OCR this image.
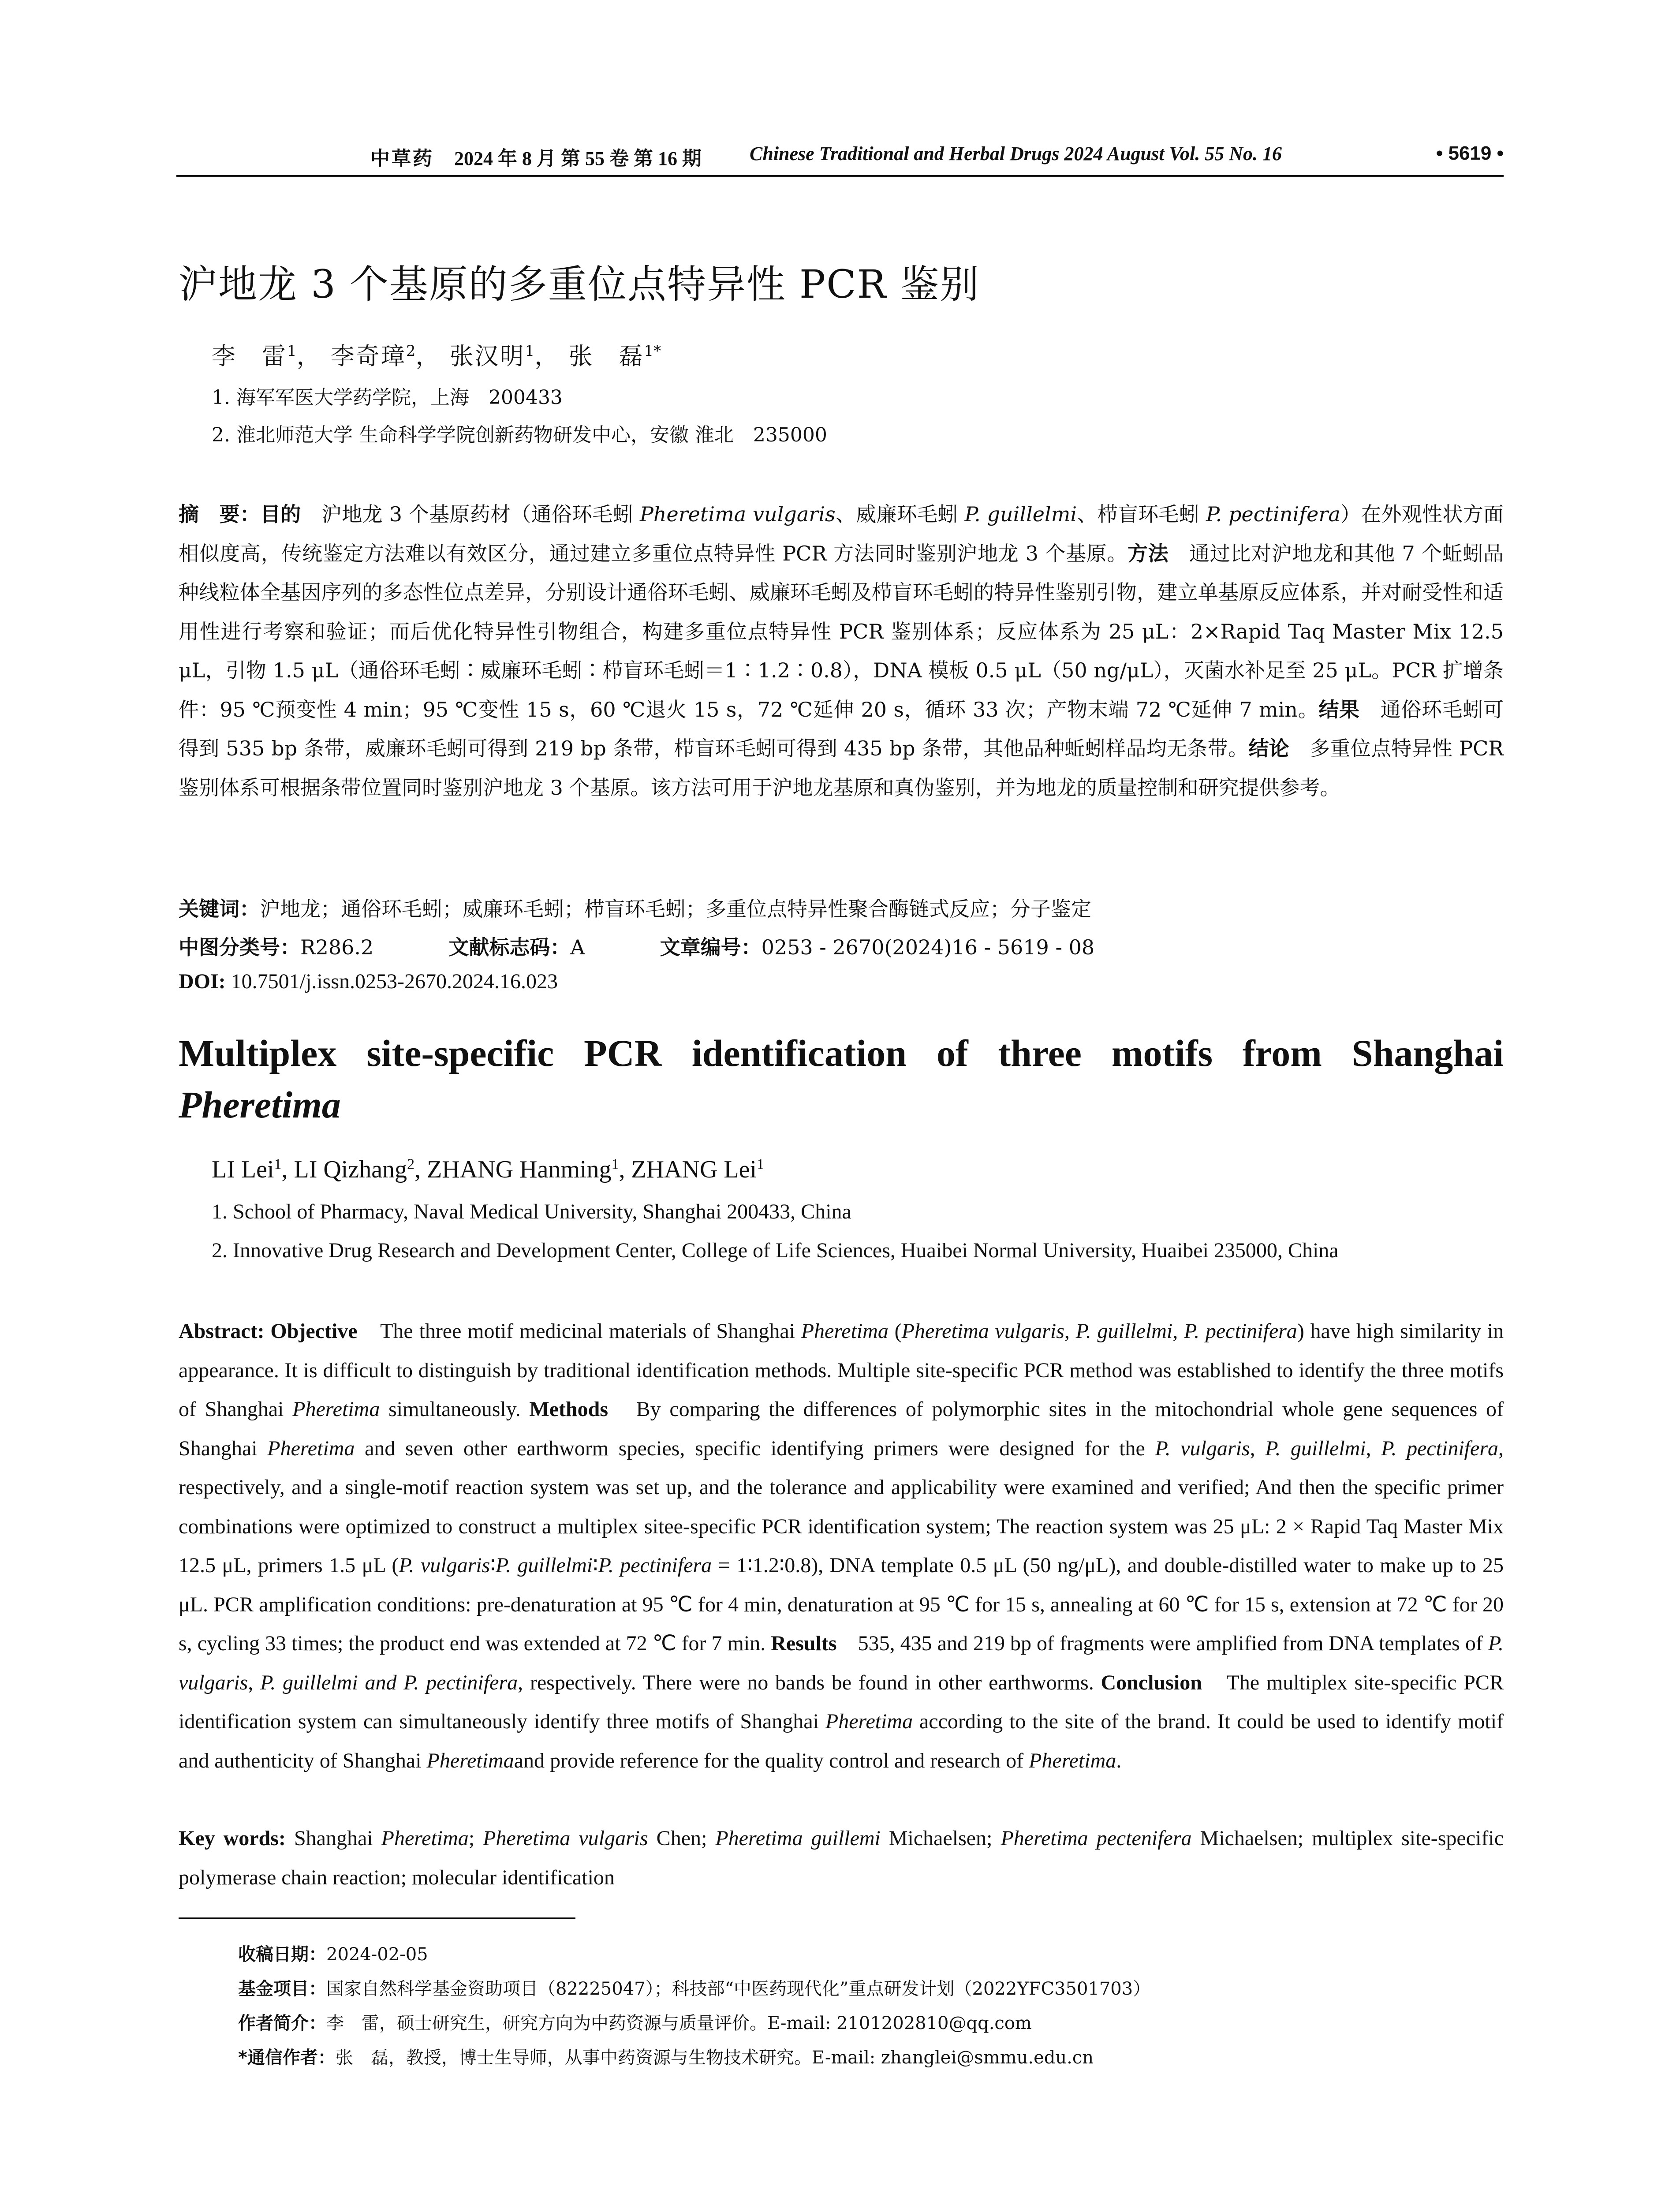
中草药 2024 年 8 月 第 55 卷 第 16 期 Chinese Traditional and Herbal Drugs 2024 August Vol. 55 No. 16	• 5619 •
沪地龙 3 个基原的多重位点特异性 PCR 鉴别
李　雷$^1$， 李奇璋$^2$， 张汉明$^1$， 张　磊$^{1*}$
1. 海军军医大学药学院，上海　200433
2. 淮北师范大学 生命科学学院创新药物研发中心，安徽 淮北　235000
摘　要：目的　沪地龙 3 个基原药材（通俗环毛蚓 Pheretima vulgaris、威廉环毛蚓 P. guillelmi、栉盲环毛蚓 P. pectinifera）在外观性状方面相似度高，传统鉴定方法难以有效区分，通过建立多重位点特异性 PCR 方法同时鉴别沪地龙 3 个基原。方法　通过比对沪地龙和其他 7 个蚯蚓品种线粒体全基因序列的多态性位点差异，分别设计通俗环毛蚓、威廉环毛蚓及栉盲环毛蚓的特异性鉴别引物，建立单基原反应体系，并对耐受性和适用性进行考察和验证；而后优化特异性引物组合，构建多重位点特异性 PCR 鉴别体系；反应体系为 25 μL：2×Rapid Taq Master Mix 12.5 μL，引物 1.5 μL（通俗环毛蚓∶威廉环毛蚓∶栉盲环毛蚓＝1∶1.2∶0.8），DNA 模板 0.5 μL（50 ng/μL），灭菌水补足至 25 μL。PCR 扩增条件：95 ℃预变性 4 min；95 ℃变性 15 s，60 ℃退火 15 s，72 ℃延伸 20 s，循环 33 次；产物末端 72 ℃延伸 7 min。结果　通俗环毛蚓可得到 535 bp 条带，威廉环毛蚓可得到 219 bp 条带，栉盲环毛蚓可得到 435 bp 条带，其他品种蚯蚓样品均无条带。结论　多重位点特异性 PCR 鉴别体系可根据条带位置同时鉴别沪地龙 3 个基原。该方法可用于沪地龙基原和真伪鉴别，并为地龙的质量控制和研究提供参考。
关键词：沪地龙；通俗环毛蚓；威廉环毛蚓；栉盲环毛蚓；多重位点特异性聚合酶链式反应；分子鉴定
中图分类号：R286.2	文献标志码：A	文章编号：0253 - 2670(2024)16 - 5619 - 08
DOI: 10.7501/j.issn.0253-2670.2024.16.023
Multiplex site-specific PCR identification of three motifs from Shanghai Pheretima
LI Lei$^1$, LI Qizhang$^2$, ZHANG Hanming$^1$, ZHANG Lei$^1$
1. School of Pharmacy, Naval Medical University, Shanghai 200433, China
2. Innovative Drug Research and Development Center, College of Life Sciences, Huaibei Normal University, Huaibei 235000, China
Abstract: Objective　The three motif medicinal materials of Shanghai Pheretima (Pheretima vulgaris, P. guillelmi, P. pectinifera) have high similarity in appearance. It is difficult to distinguish by traditional identification methods. Multiple site-specific PCR method was established to identify the three motifs of Shanghai Pheretima simultaneously. Methods　By comparing the differences of polymorphic sites in the mitochondrial whole gene sequences of Shanghai Pheretima and seven other earthworm species, specific identifying primers were designed for the P. vulgaris, P. guillelmi, P. pectinifera, respectively, and a single-motif reaction system was set up, and the tolerance and applicability were examined and verified; And then the specific primer combinations were optimized to construct a multiplex sitee-specific PCR identification system; The reaction system was 25 μL: 2 × Rapid Taq Master Mix 12.5 μL, primers 1.5 μL (P. vulgaris∶P. guillelmi∶P. pectinifera = 1∶1.2∶0.8), DNA template 0.5 μL (50 ng/μL), and double-distilled water to make up to 25 μL. PCR amplification conditions: pre-denaturation at 95 ℃ for 4 min, denaturation at 95 ℃ for 15 s, annealing at 60 ℃ for 15 s, extension at 72 ℃ for 20 s, cycling 33 times; the product end was extended at 72 ℃ for 7 min. Results　535, 435 and 219 bp of fragments were amplified from DNA templates of P. vulgaris, P. guillelmi and P. pectinifera, respectively. There were no bands be found in other earthworms. Conclusion　The multiplex site-specific PCR identification system can simultaneously identify three motifs of Shanghai Pheretima according to the site of the brand. It could be used to identify motif and authenticity of Shanghai Pheretimaand provide reference for the quality control and research of Pheretima.
Key words: Shanghai Pheretima; Pheretima vulgaris Chen; Pheretima guillemi Michaelsen; Pheretima pectenifera Michaelsen; multiplex site-specific polymerase chain reaction; molecular identification
收稿日期：2024-02-05
基金项目：国家自然科学基金资助项目（82225047）；科技部“中医药现代化”重点研发计划（2022YFC3501703）
作者简介：李　雷，硕士研究生，研究方向为中药资源与质量评价。E-mail: 2101202810@qq.com
*通信作者：张　磊，教授，博士生导师，从事中药资源与生物技术研究。E-mail: zhanglei@smmu.edu.cn
